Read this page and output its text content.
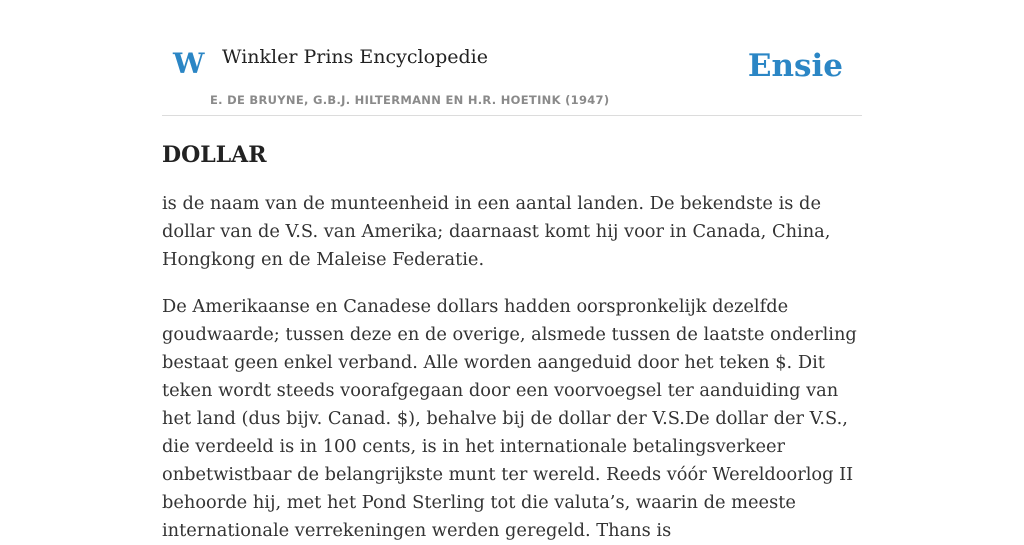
W Winkler Prins Encyclopedie
E. DE BRUYNE, G.B.J. HILTERMANN EN H.R. HOETINK (1947)
Ensie
DOLLAR

is de naam van de munteenheid in een aantal landen. De bekendste is de dollar van de V.S. van Amerika; daarnaast komt hij voor in Canada, China, Hongkong en de Maleise Federatie.

De Amerikaanse en Canadese dollars hadden oorspronkelijk dezelfde goudwaarde; tussen deze en de overige, alsmede tussen de laatste onderling bestaat geen enkel verband. Alle worden aangeduid door het teken $. Dit teken wordt steeds voorafgegaan door een voorvoegsel ter aanduiding van het land (dus bijv. Canad. $), behalve bij de dollar der V.S.De dollar der V.S., die verdeeld is in 100 cents, is in het internationale betalingsverkeer onbetwistbaar de belangrijkste munt ter wereld. Reeds vóór Wereldoorlog II behoorde hij, met het Pond Sterling tot die valuta’s, waarin de meeste internationale verrekeningen werden geregeld. Thans is
